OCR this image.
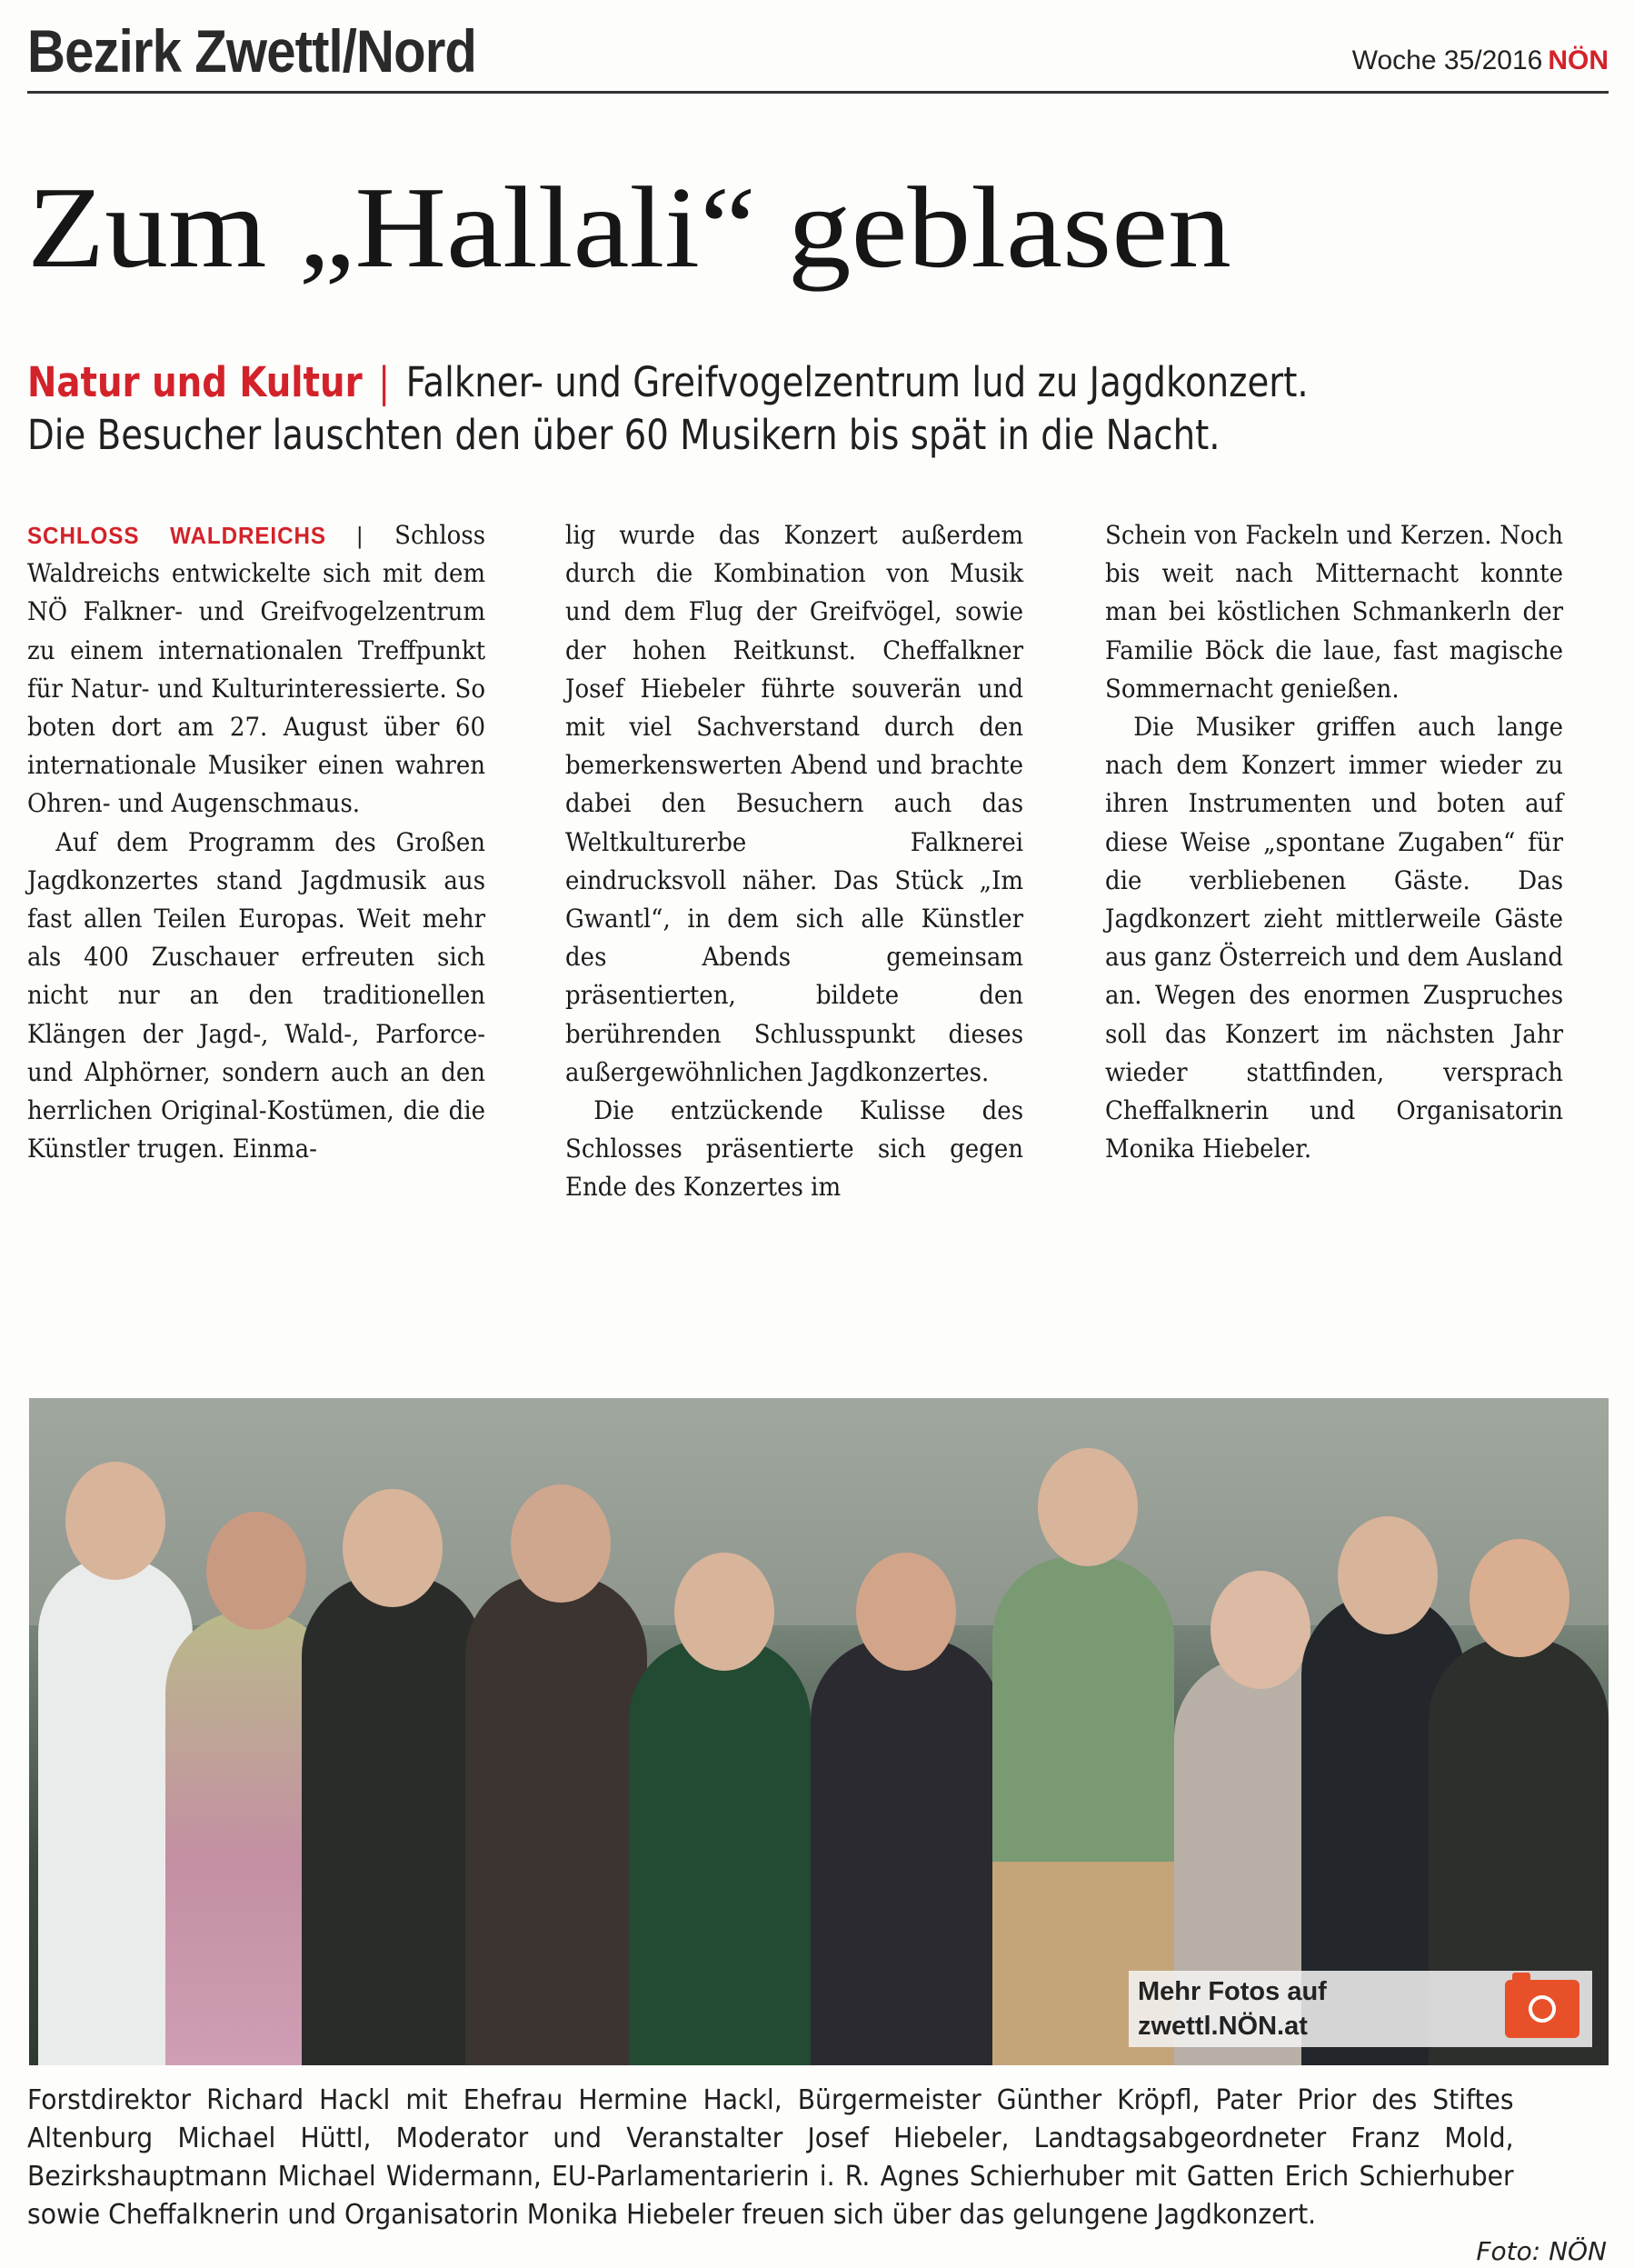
Bezirk Zwettl/Nord	Woche 35/2016 NÖN
Zum „Hallali“ geblasen
Natur und Kultur | Falkner- und Greifvogelzentrum lud zu Jagdkonzert.
Die Besucher lauschten den über 60 Musikern bis spät in die Nacht.

SCHLOSS WALDREICHS | Schloss Waldreichs entwickelte sich mit dem NÖ Falkner- und Greifvogelzentrum zu einem internationalen Treffpunkt für Natur- und Kulturinteressierte. So boten dort am 27. August über 60 internationale Musiker einen wahren Ohren- und Augenschmaus.

Auf dem Programm des Großen Jagdkonzertes stand Jagdmusik aus fast allen Teilen Europas. Weit mehr als 400 Zuschauer erfreuten sich nicht nur an den traditionellen Klängen der Jagd-, Wald-, Parforce- und Alphörner, sondern auch an den herrlichen Original-Kostümen, die die Künstler trugen. Einma-

lig wurde das Konzert außerdem durch die Kombination von Musik und dem Flug der Greifvögel, sowie der hohen Reitkunst. Cheffalkner Josef Hiebeler führte souverän und mit viel Sachverstand durch den bemerkenswerten Abend und brachte dabei den Besuchern auch das Weltkulturerbe Falknerei eindrucksvoll näher. Das Stück „Im Gwantl“, in dem sich alle Künstler des Abends gemeinsam präsentierten, bildete den berührenden Schlusspunkt dieses außergewöhnlichen Jagdkonzertes.

Die entzückende Kulisse des Schlosses präsentierte sich gegen Ende des Konzertes im

Schein von Fackeln und Kerzen. Noch bis weit nach Mitternacht konnte man bei köstlichen Schmankerln der Familie Böck die laue, fast magische Sommernacht genießen.

Die Musiker griffen auch lange nach dem Konzert immer wieder zu ihren Instrumenten und boten auf diese Weise „spontane Zugaben“ für die verbliebenen Gäste. Das Jagdkonzert zieht mittlerweile Gäste aus ganz Österreich und dem Ausland an. Wegen des enormen Zuspruches soll das Konzert im nächsten Jahr wieder stattfinden, versprach Cheffalknerin und Organisatorin Monika Hiebeler.

Mehr Fotos auf
zwettl.NÖN.at
Forstdirektor Richard Hackl mit Ehefrau Hermine Hackl, Bürgermeister Günther Kröpfl, Pater Prior des Stiftes Altenburg Michael Hüttl, Moderator und Veranstalter Josef Hiebeler, Landtagsabgeordneter Franz Mold, Bezirkshauptmann Michael Widermann, EU-Parlamentarierin i. R. Agnes Schierhuber mit Gatten Erich Schierhuber sowie Cheffalknerin und Organisatorin Monika Hiebeler freuen sich über das gelungene Jagdkonzert.
Foto: NÖN
